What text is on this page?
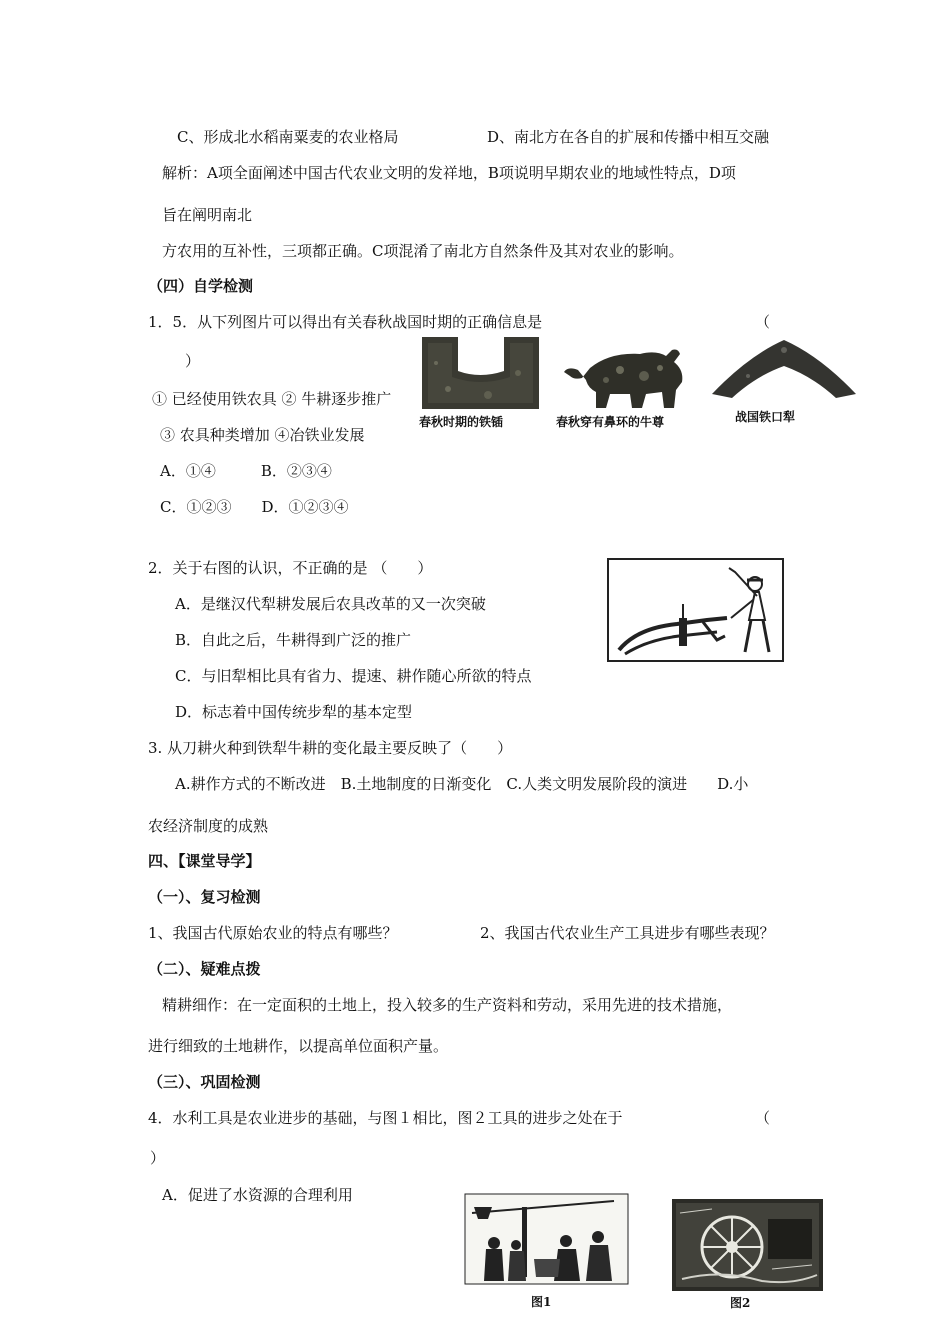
C、形成北水稻南粟麦的农业格局	D、南北方在各自的扩展和传播中相互交融
解析：A项全面阐述中国古代农业文明的发祥地，B项说明早期农业的地域性特点，D项
旨在阐明南北
方农用的互补性，三项都正确。C项混淆了南北方自然条件及其对农业的影响。
（四）自学检测
1．5．从下列图片可以得出有关春秋战国时期的正确信息是	（
）
① 已经使用铁农具 ② 牛耕逐步推广
③ 农具种类增加 ④冶铁业发展
A．①④　　　B．②③④
C．①②③　　D．①②③④
春秋时期的铁锸	春秋穿有鼻环的牛尊	战国铁口犁
2．关于右图的认识，不正确的是 （　　）
A．是继汉代犁耕发展后农具改革的又一次突破
B．自此之后，牛耕得到广泛的推广
C．与旧犁相比具有省力、提速、耕作随心所欲的特点
D．标志着中国传统步犁的基本定型
3. 从刀耕火种到铁犁牛耕的变化最主要反映了（　　）
A.耕作方式的不断改进　B.土地制度的日渐变化　C.人类文明发展阶段的演进　　D.小
农经济制度的成熟
四、【课堂导学】
（一）、复习检测
1、我国古代原始农业的特点有哪些？	2、我国古代农业生产工具进步有哪些表现？
（二）、疑难点拨
精耕细作：在一定面积的土地上，投入较多的生产资料和劳动，采用先进的技术措施，
进行细致的土地耕作，以提高单位面积产量。
（三）、巩固检测
4．水利工具是农业进步的基础，与图１相比，图２工具的进步之处在于	（
）
A．促进了水资源的合理利用
图1	图2
